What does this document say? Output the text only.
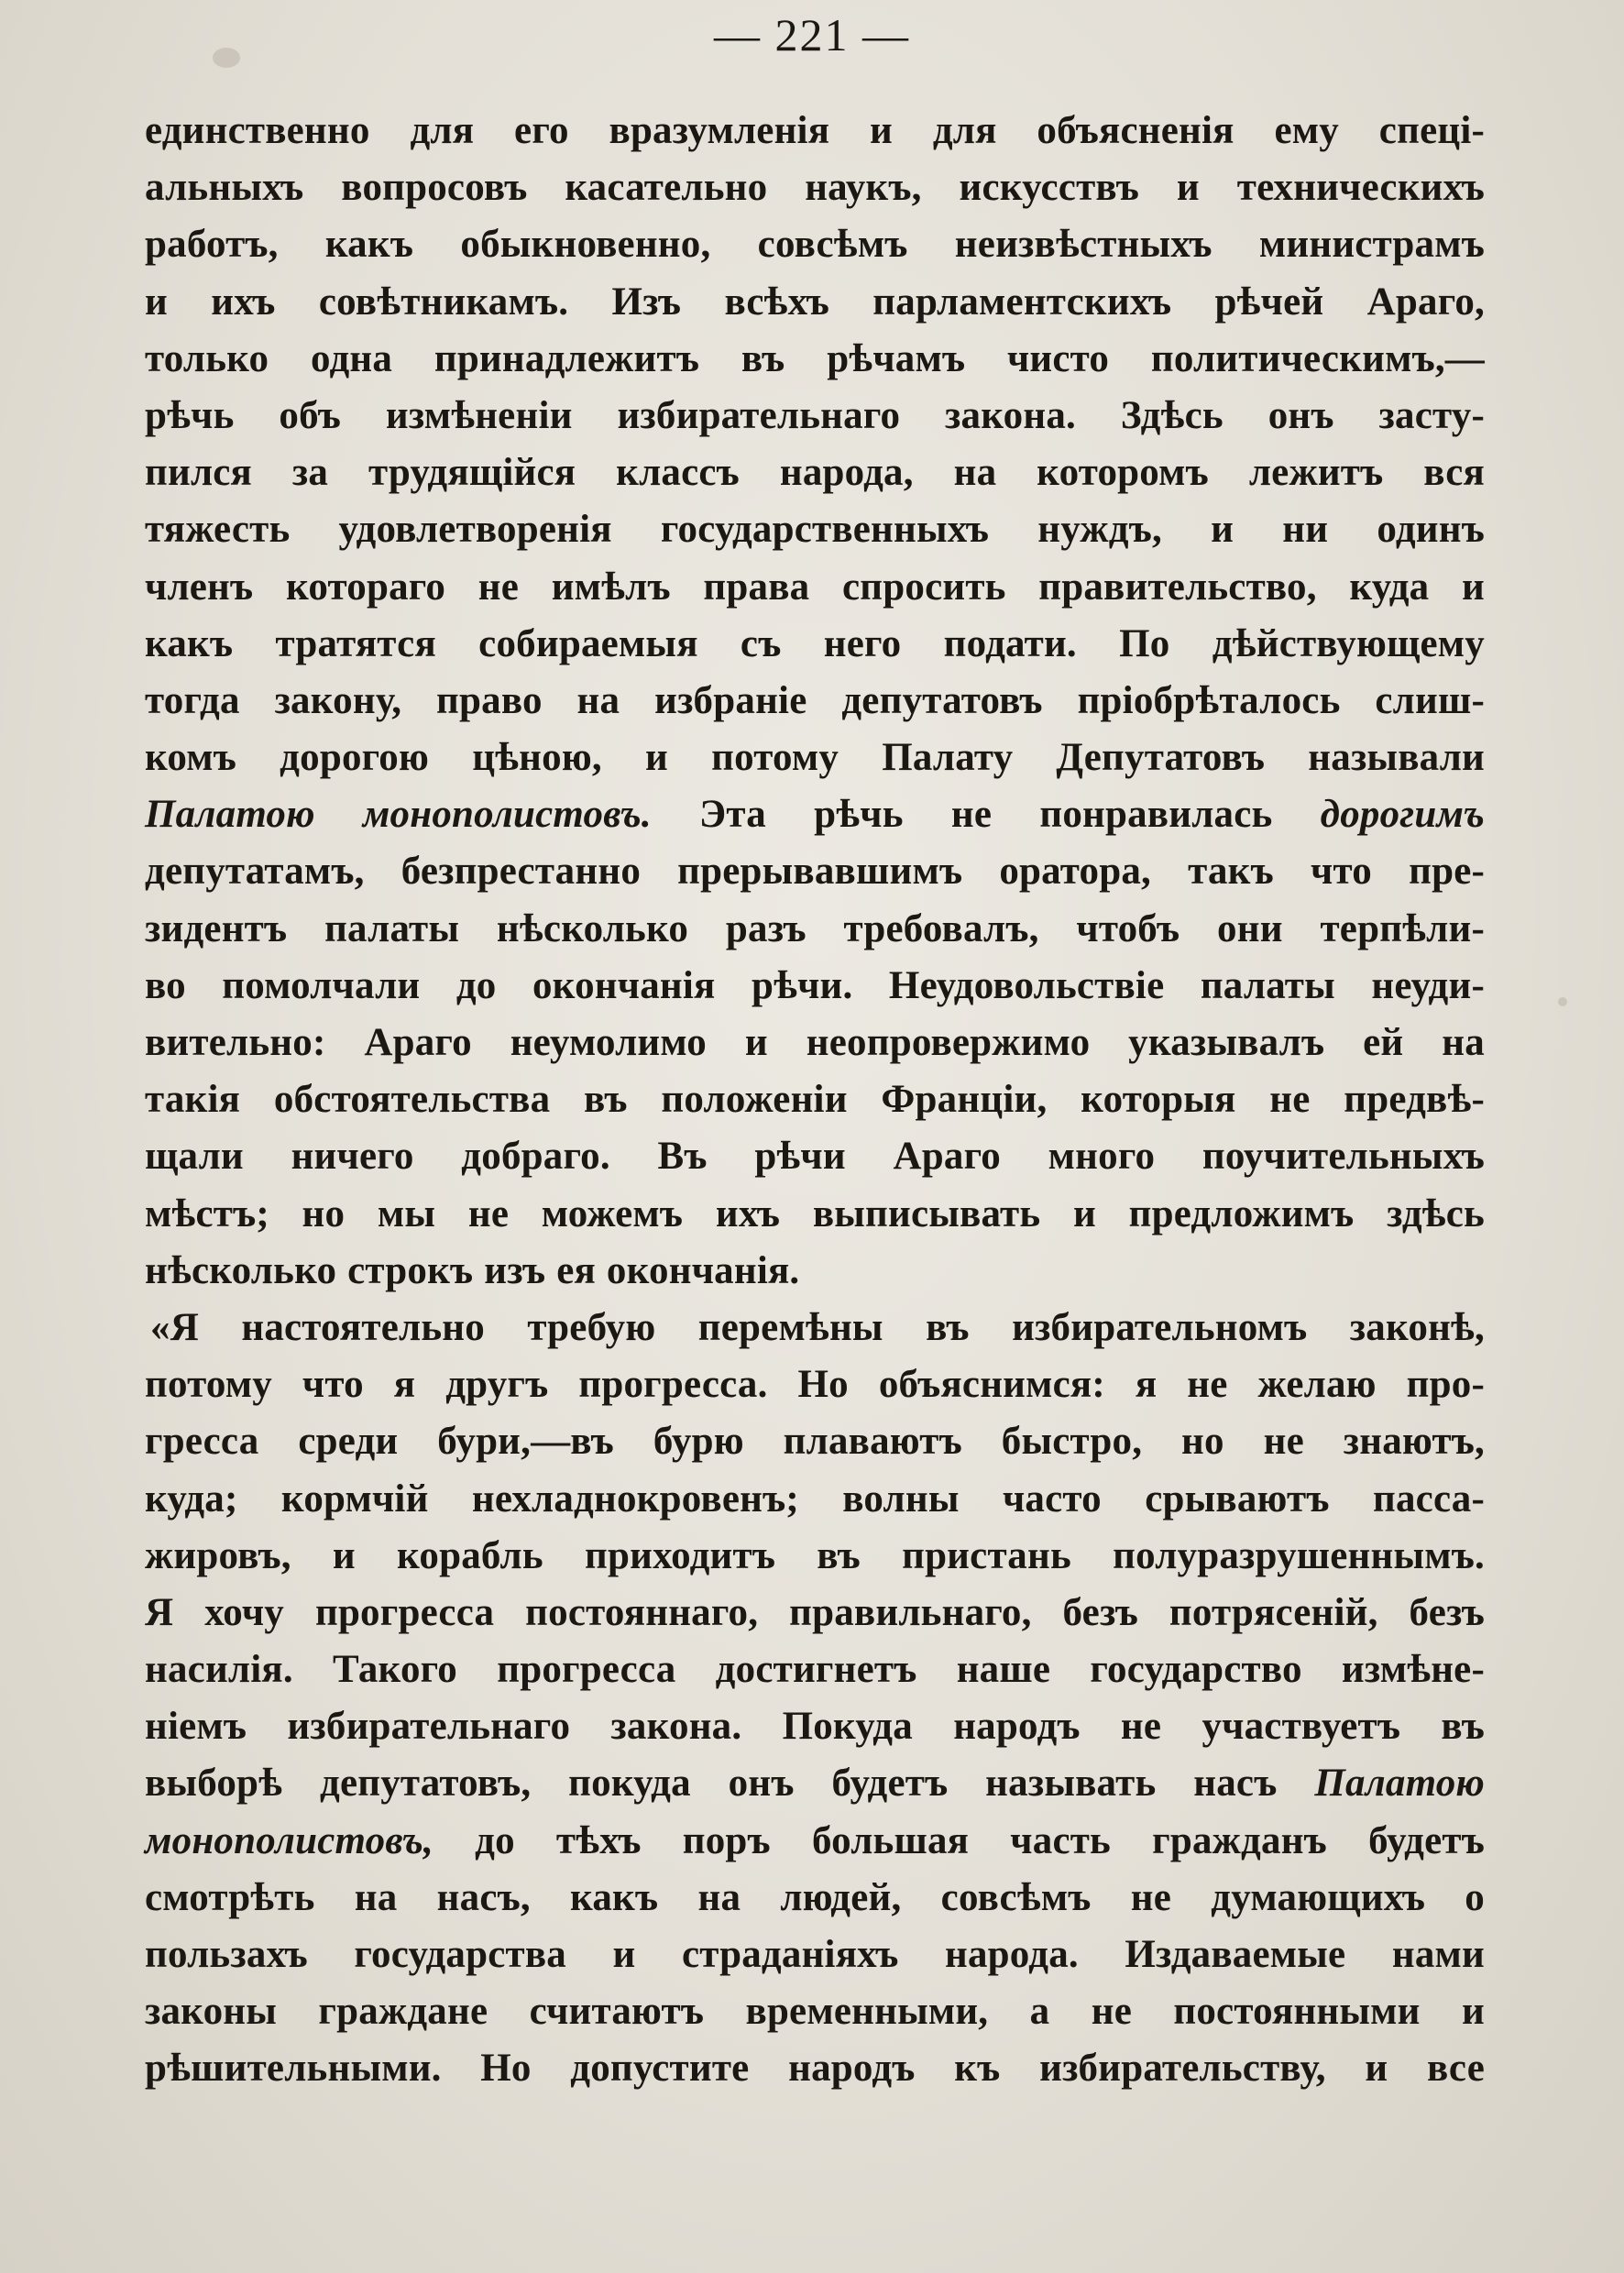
— 221 —
единственно для его вразумленія и для объясненія ему спеці-
альныхъ вопросовъ касательно наукъ, искусствъ и техническихъ
работъ, какъ обыкновенно, совсѣмъ неизвѣстныхъ министрамъ
и ихъ совѣтникамъ. Изъ всѣхъ парламентскихъ рѣчей Араго,
только одна принадлежитъ въ рѣчамъ чисто политическимъ,—
рѣчь объ измѣненіи избирательнаго закона. Здѣсь онъ засту-
пился за трудящійся классъ народа, на которомъ лежитъ вся
тяжесть удовлетворенія государственныхъ нуждъ, и ни одинъ
членъ котораго не имѣлъ права спросить правительство, куда и
какъ тратятся собираемыя съ него подати. По дѣйствующему
тогда закону, право на избраніе депутатовъ пріобрѣталось слиш-
комъ дорогою цѣною, и потому Палату Депутатовъ называли
Палатою монополистовъ. Эта рѣчь не понравилась дорогимъ
депутатамъ, безпрестанно прерывавшимъ оратора, такъ что пре-
зидентъ палаты нѣсколько разъ требовалъ, чтобъ они терпѣли-
во помолчали до окончанія рѣчи. Неудовольствіе палаты неуди-
вительно: Араго неумолимо и неопровержимо указывалъ ей на
такія обстоятельства въ положеніи Франціи, которыя не предвѣ-
щали ничего добраго. Въ рѣчи Араго много поучительныхъ
мѣстъ; но мы не можемъ ихъ выписывать и предложимъ здѣсь
нѣсколько строкъ изъ ея окончанія.
«Я настоятельно требую перемѣны въ избирательномъ законѣ,
потому что я другъ прогресса. Но объяснимся: я не желаю про-
гресса среди бури,—въ бурю плаваютъ быстро, но не знаютъ,
куда; кормчій нехладнокровенъ; волны часто срываютъ пасса-
жировъ, и корабль приходитъ въ пристань полуразрушеннымъ.
Я хочу прогресса постояннаго, правильнаго, безъ потрясеній, безъ
насилія. Такого прогресса достигнетъ наше государство измѣне-
ніемъ избирательнаго закона. Покуда народъ не участвуетъ въ
выборѣ депутатовъ, покуда онъ будетъ называть насъ Палатою
монополистовъ, до тѣхъ поръ большая часть гражданъ будетъ
смотрѣть на насъ, какъ на людей, совсѣмъ не думающихъ о
пользахъ государства и страданіяхъ народа. Издаваемые нами
законы граждане считаютъ временными, а не постоянными и
рѣшительными. Но допустите народъ къ избирательству, и все
